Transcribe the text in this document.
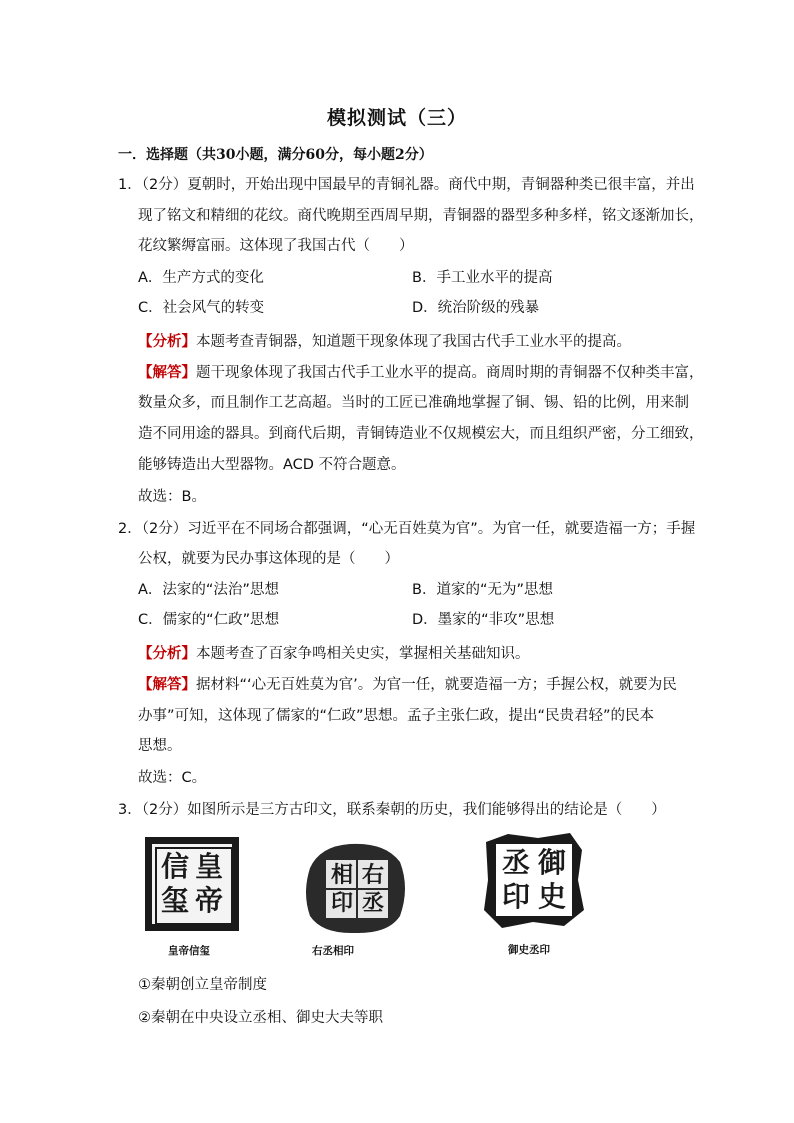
模拟测试（三）
一．选择题（共30小题，满分60分，每小题2分）
1．（2分）夏朝时，开始出现中国最早的青铜礼器。商代中期，青铜器种类已很丰富，并出
现了铭文和精细的花纹。商代晚期至西周早期，青铜器的器型多种多样，铭文逐渐加长，
花纹繁缛富丽。这体现了我国古代（　　）
A．生产方式的变化	B．手工业水平的提高
C．社会风气的转变	D．统治阶级的残暴
【分析】本题考查青铜器，知道题干现象体现了我国古代手工业水平的提高。
【解答】题干现象体现了我国古代手工业水平的提高。商周时期的青铜器不仅种类丰富，
数量众多，而且制作工艺高超。当时的工匠已准确地掌握了铜、锡、铅的比例，用来制
造不同用途的器具。到商代后期，青铜铸造业不仅规模宏大，而且组织严密，分工细致，
能够铸造出大型器物。ACD 不符合题意。
故选：B。
2．（2分）习近平在不同场合都强调，“心无百姓莫为官”。为官一任，就要造福一方；手握
公权，就要为民办事这体现的是（　　）
A．法家的“法治”思想	B．道家的“无为”思想
C．儒家的“仁政”思想	D．墨家的“非攻”思想
【分析】本题考查了百家争鸣相关史实，掌握相关基础知识。
【解答】据材料“‘心无百姓莫为官’。为官一任，就要造福一方；手握公权，就要为民
办事”可知，这体现了儒家的“仁政”思想。孟子主张仁政，提出“民贵君轻”的民本
思想。
故选：C。
3．（2分）如图所示是三方古印文，联系秦朝的历史，我们能够得出的结论是（　　）
皇
帝
信
玺
皇帝信玺
右
丞
相
印
右丞相印
御
史
丞
印
御史丞印
①秦朝创立皇帝制度
②秦朝在中央设立丞相、御史大夫等职
